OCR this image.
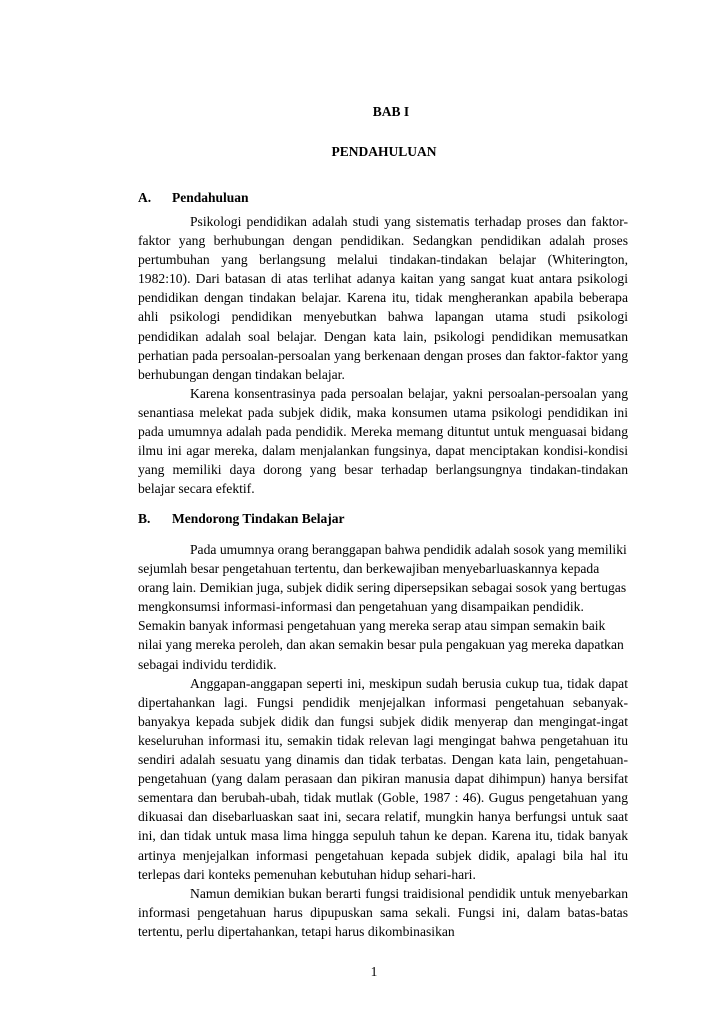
BAB I
PENDAHULUAN
A. Pendahuluan

Psikologi pendidikan adalah studi yang sistematis terhadap proses dan faktor-faktor yang berhubungan dengan pendidikan. Sedangkan pendidikan adalah proses pertumbuhan yang berlangsung melalui tindakan-tindakan belajar (Whiterington, 1982:10). Dari batasan di atas terlihat adanya kaitan yang sangat kuat antara psikologi pendidikan dengan tindakan belajar. Karena itu, tidak mengherankan apabila beberapa ahli psikologi pendidikan menyebutkan bahwa lapangan utama studi psikologi pendidikan adalah soal belajar. Dengan kata lain, psikologi pendidikan memusatkan perhatian pada persoalan-persoalan yang berkenaan dengan proses dan faktor-faktor yang berhubungan dengan tindakan belajar.

Karena konsentrasinya pada persoalan belajar, yakni persoalan-persoalan yang senantiasa melekat pada subjek didik, maka konsumen utama psikologi pendidikan ini pada umumnya adalah pada pendidik. Mereka memang dituntut untuk menguasai bidang ilmu ini agar mereka, dalam menjalankan fungsinya, dapat menciptakan kondisi-kondisi yang memiliki daya dorong yang besar terhadap berlangsungnya tindakan-tindakan belajar secara efektif.

B. Mendorong Tindakan Belajar

Pada umumnya orang beranggapan bahwa pendidik adalah sosok yang memiliki sejumlah besar pengetahuan tertentu, dan berkewajiban menyebarluaskannya kepada orang lain. Demikian juga, subjek didik sering dipersepsikan sebagai sosok yang bertugas mengkonsumsi informasi-informasi dan pengetahuan yang disampaikan pendidik. Semakin banyak informasi pengetahuan yang mereka serap atau simpan semakin baik nilai yang mereka peroleh, dan akan semakin besar pula pengakuan yag mereka dapatkan sebagai individu terdidik.

Anggapan-anggapan seperti ini, meskipun sudah berusia cukup tua, tidak dapat dipertahankan lagi. Fungsi pendidik menjejalkan informasi pengetahuan sebanyak-banyakya kepada subjek didik dan fungsi subjek didik menyerap dan mengingat-ingat keseluruhan informasi itu, semakin tidak relevan lagi mengingat bahwa pengetahuan itu sendiri adalah sesuatu yang dinamis dan tidak terbatas. Dengan kata lain, pengetahuan-pengetahuan (yang dalam perasaan dan pikiran manusia dapat dihimpun) hanya bersifat sementara dan berubah-ubah, tidak mutlak (Goble, 1987 : 46). Gugus pengetahuan yang dikuasai dan disebarluaskan saat ini, secara relatif, mungkin hanya berfungsi untuk saat ini, dan tidak untuk masa lima hingga sepuluh tahun ke depan. Karena itu, tidak banyak artinya menjejalkan informasi pengetahuan kepada subjek didik, apalagi bila hal itu terlepas dari konteks pemenuhan kebutuhan hidup sehari-hari.

Namun demikian bukan berarti fungsi traidisional pendidik untuk menyebarkan informasi pengetahuan harus dipupuskan sama sekali. Fungsi ini, dalam batas-batas tertentu, perlu dipertahankan, tetapi harus dikombinasikan

1
